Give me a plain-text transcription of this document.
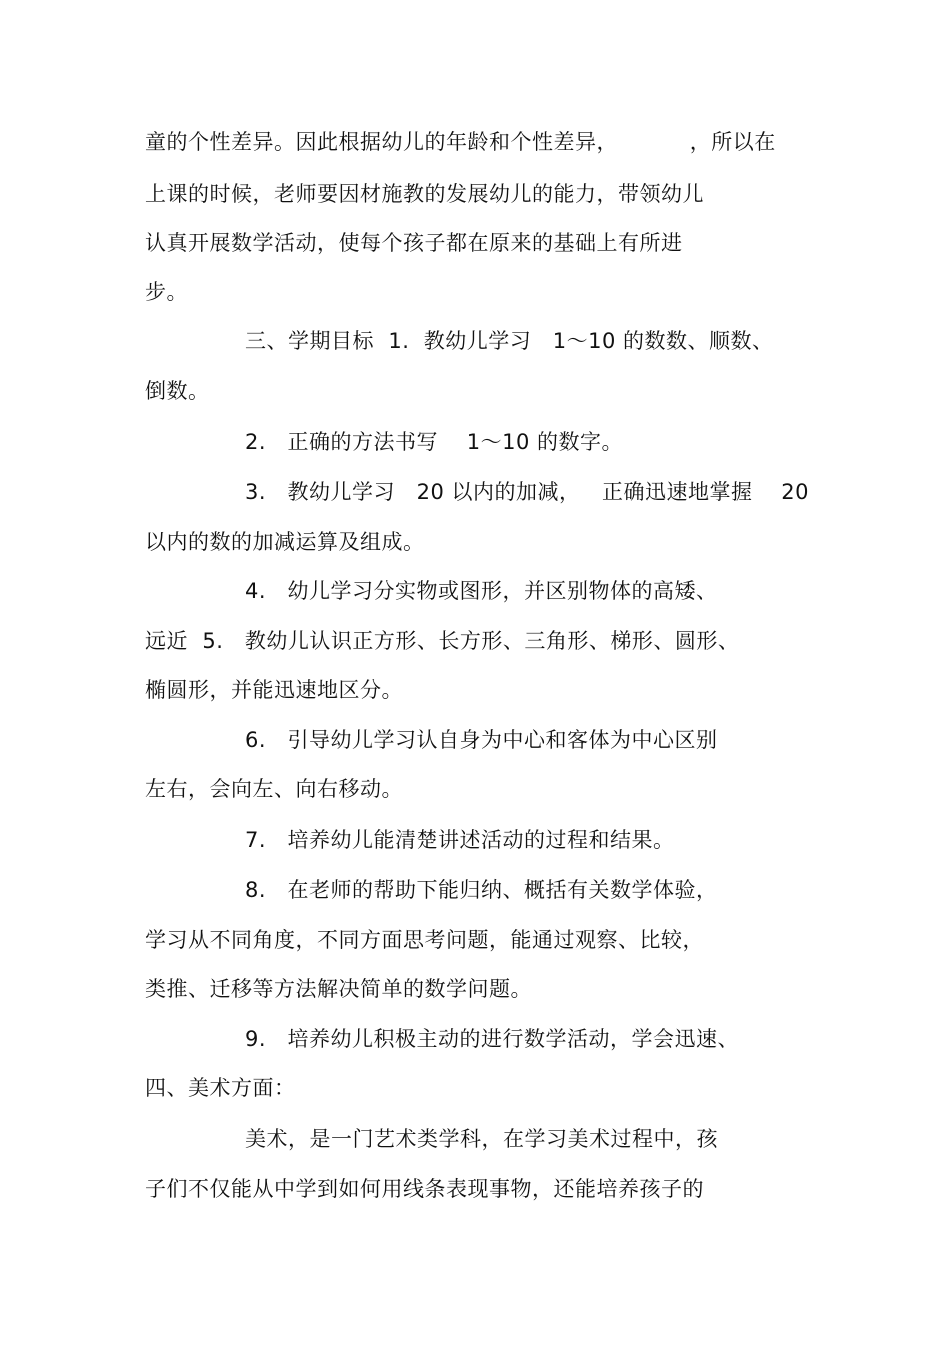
童的个性差异。因此根据幼儿的年龄和个性差异，          ，所以在
上课的时候，老师要因材施教的发展幼儿的能力，带领幼儿
认真开展数学活动，使每个孩子都在原来的基础上有所进
步。
三、学期目标  1.  教幼儿学习   1～10 的数数、顺数、
倒数。
2.   正确的方法书写    1～10 的数字。
3.   教幼儿学习   20 以内的加减，   正确迅速地掌握    20
以内的数的加减运算及组成。
4.   幼儿学习分实物或图形，并区别物体的高矮、
远近  5.   教幼儿认识正方形、长方形、三角形、梯形、圆形、
椭圆形，并能迅速地区分。
6.   引导幼儿学习认自身为中心和客体为中心区别
左右，会向左、向右移动。
7.   培养幼儿能清楚讲述活动的过程和结果。
8.   在老师的帮助下能归纳、概括有关数学体验，
学习从不同角度，不同方面思考问题，能通过观察、比较，
类推、迁移等方法解决简单的数学问题。
9.   培养幼儿积极主动的进行数学活动，学会迅速、
四、美术方面：
美术，是一门艺术类学科，在学习美术过程中，孩
子们不仅能从中学到如何用线条表现事物，还能培养孩子的
